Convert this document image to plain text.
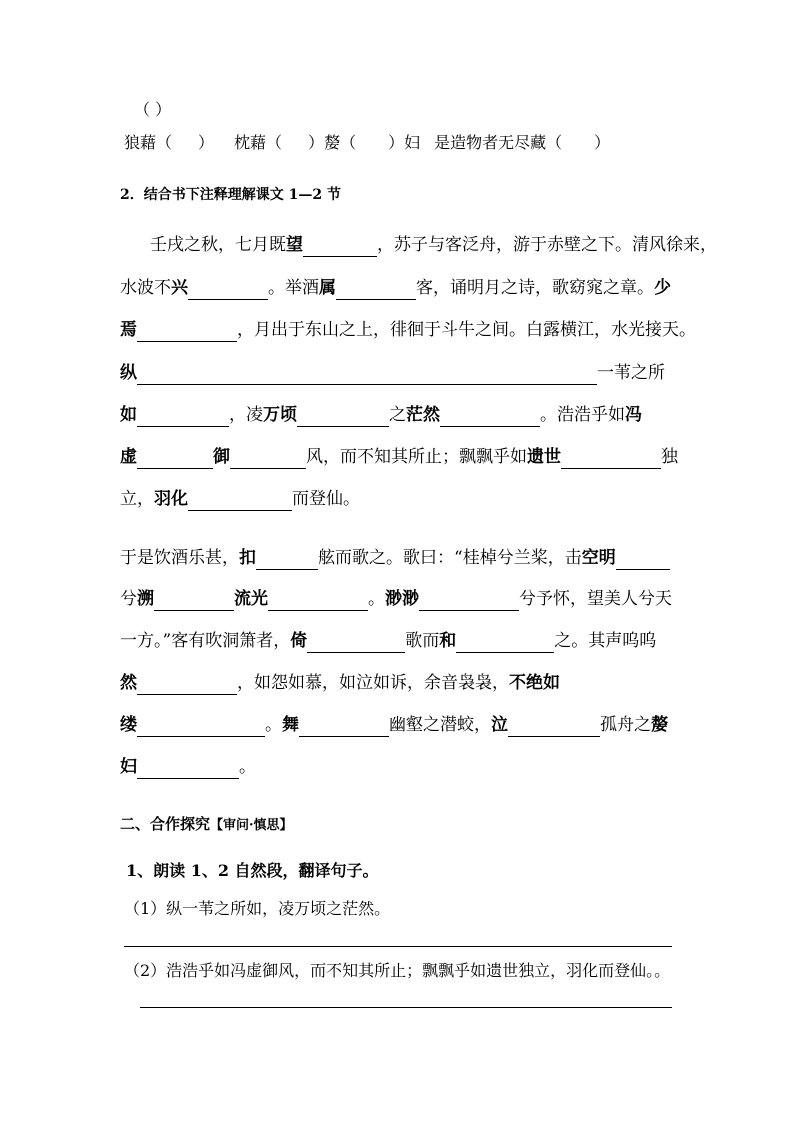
（ ）
狼藉（ ） 枕藉（ ）嫠（ ）妇 是造物者无尽藏（ ）
2．结合书下注释理解课文 1—2 节
壬戌之秋，七月既望	，苏子与客泛舟，游于赤壁之下。清风徐来，
水波不兴	。举酒属	客，诵明月之诗，歌窈窕之章。少
焉	，月出于东山之上，徘徊于斗牛之间。白露横江，水光接天。
纵	一苇之所
如	，凌万顷	之茫然	。浩浩乎如冯
虚	御	风，而不知其所止；飘飘乎如遗世	独
立，羽化	而登仙。
于是饮酒乐甚，扣	舷而歌之。歌曰：“桂棹兮兰桨，击空明
兮溯	流光	。渺渺	兮予怀，望美人兮天
一方。”客有吹洞箫者，倚	歌而和	之。其声呜呜
然	，如怨如慕，如泣如诉，余音袅袅，不绝如
缕	。舞	幽壑之潜蛟，泣	孤舟之嫠
妇	。
二、合作探究【审问·慎思】
1、朗读 1、2 自然段，翻译句子。
（1）纵一苇之所如，凌万顷之茫然。
（2）浩浩乎如冯虚御风，而不知其所止；飘飘乎如遗世独立，羽化而登仙。。
